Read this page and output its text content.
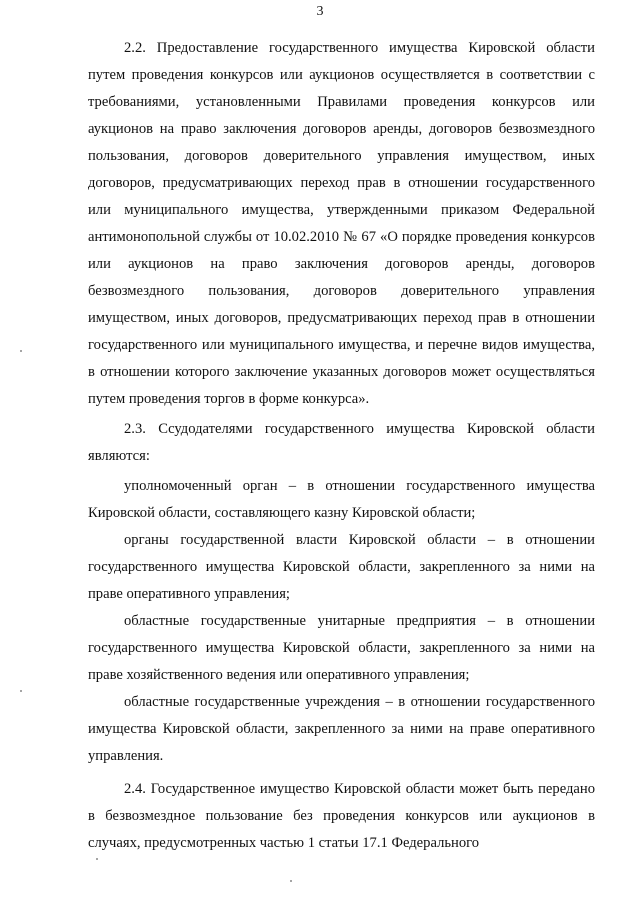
3

2.2. Предоставление государственного имущества Кировской области путем проведения конкурсов или аукционов осуществляется в соответствии с требованиями, установленными Правилами проведения конкурсов или аукционов на право заключения договоров аренды, договоров безвозмездного пользования, договоров доверительного управления имуществом, иных договоров, предусматривающих переход прав в отношении государственного или муниципального имущества, утвержденными приказом Федеральной антимонопольной службы от 10.02.2010 № 67 «О порядке проведения конкурсов или аукционов на право заключения договоров аренды, договоров безвозмездного пользования, договоров доверительного управления имуществом, иных договоров, предусматривающих переход прав в отношении государственного или муниципального имущества, и перечне видов имущества, в отношении которого заключение указанных договоров может осуществляться путем проведения торгов в форме конкурса».

2.3. Ссудодателями государственного имущества Кировской области являются:

уполномоченный орган – в отношении государственного имущества Кировской области, составляющего казну Кировской области;

органы государственной власти Кировской области – в отношении государственного имущества Кировской области, закрепленного за ними на праве оперативного управления;

областные государственные унитарные предприятия – в отношении государственного имущества Кировской области, закрепленного за ними на праве хозяйственного ведения или оперативного управления;

областные государственные учреждения – в отношении государственного имущества Кировской области, закрепленного за ними на праве оперативного управления.

2.4. Государственное имущество Кировской области может быть передано в безвозмездное пользование без проведения конкурсов или аукционов в случаях, предусмотренных частью 1 статьи 17.1 Федерального
